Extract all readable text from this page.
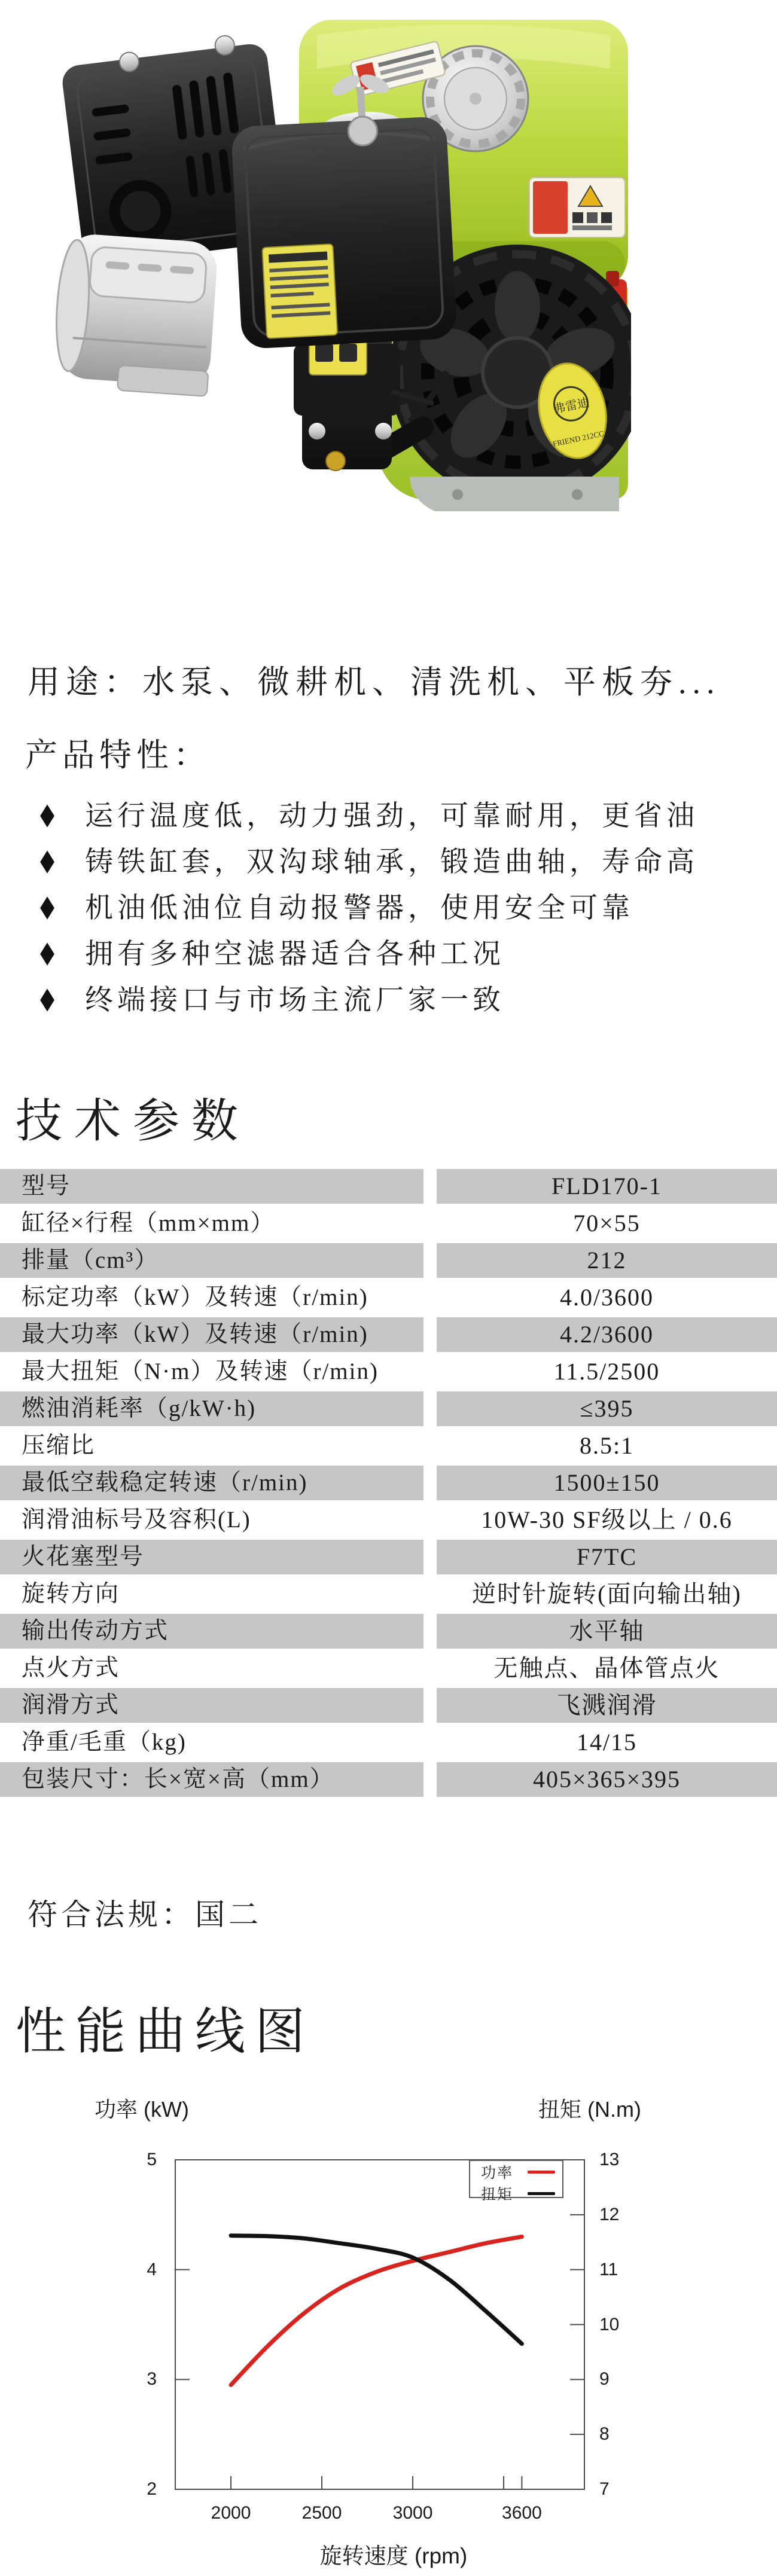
弗雷迪
FRIEND 212CC
用途：水泵、微耕机、清洗机、平板夯...
产品特性：
◆	运行温度低，动力强劲，可靠耐用，更省油
◆	铸铁缸套，双沟球轴承，锻造曲轴，寿命高
◆	机油低油位自动报警器，使用安全可靠
◆	拥有多种空滤器适合各种工况
◆	终端接口与市场主流厂家一致
技术参数
型号	FLD170-1
缸径×行程（mm×mm）	70×55
排量（cm³）	212
标定功率（kW）及转速（r/min)	4.0/3600
最大功率（kW）及转速（r/min)	4.2/3600
最大扭矩（N·m）及转速（r/min)	11.5/2500
燃油消耗率（g/kW·h)	≤395
压缩比	8.5:1
最低空载稳定转速（r/min)	1500±150
润滑油标号及容积(L)	10W-30 SF级以上 / 0.6
火花塞型号	F7TC
旋转方向	逆时针旋转(面向输出轴)
输出传动方式	水平轴
点火方式	无触点、晶体管点火
润滑方式	飞溅润滑
净重/毛重（kg)	14/15
包装尺寸：长×宽×高（mm）	405×365×395
符合法规：国二
性能曲线图
功率 (kW)	扭矩 (N.m)
5
4
3
2
13
12
11
10
9
8
7
2000	2500	3000	3600
功率
扭矩
旋转速度 (rpm)
